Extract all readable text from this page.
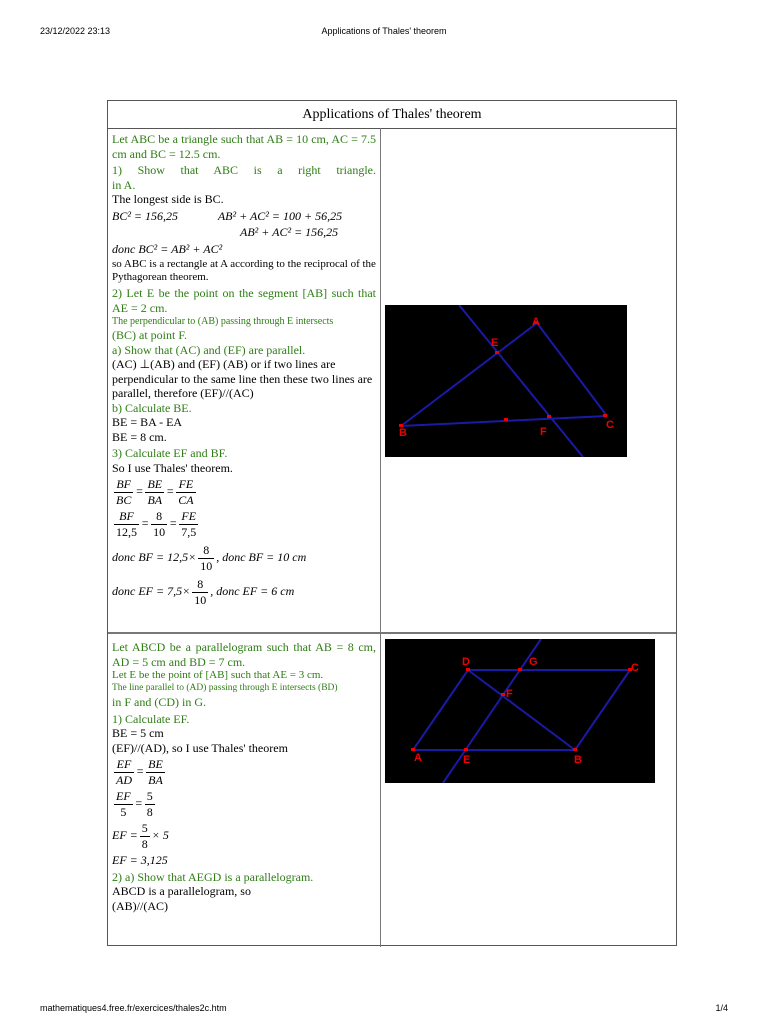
23/12/2022 23:13	Applications of Thales' theorem
Applications of Thales' theorem

Let ABC be a triangle such that AB = 10 cm, AC = 7.5 cm and BC = 12.5 cm.

1) Show that ABC is a right triangle.

in A.

The longest side is BC.

BC² = 156,25	AB² + AC² = 100 + 56,25
AB² + AC² = 156,25
donc BC² = AB² + AC²

so ABC is a rectangle at A according to the reciprocal of the Pythagorean theorem.

2) Let E be the point on the segment [AB] such that AE = 2 cm.

The perpendicular to (AB) passing through E intersects

(BC) at point F.

a) Show that (AC) and (EF) are parallel.

(AC) ⊥(AB) and (EF) (AB) or if two lines are perpendicular to the same line then these two lines are parallel, therefore (EF)//(AC)

b) Calculate BE.

BE = BA - EA

BE = 8 cm.

3) Calculate EF and BF.

So I use Thales' theorem.

$\frac{BF}{BC} = \frac{BE}{BA} = \frac{FE}{CA}$
$\frac{BF}{12,5} = \frac{8}{10} = \frac{FE}{7,5}$
donc BF = $12,5\times \frac{8}{10}$ , donc BF = 10 cm
donc EF = $7,5\times \frac{8}{10}$ , donc EF = 6 cm

Let ABCD be a parallelogram such that AB = 8 cm, AD = 5 cm and BD = 7 cm.

Let E be the point of [AB] such that AE = 3 cm.

The line parallel to (AD) passing through E intersects (BD)

in F and (CD) in G.

1) Calculate EF.

BE = 5 cm

(EF)//(AD), so I use Thales' theorem

$\frac{EF}{AD} = \frac{BE}{BA}$
$\frac{EF}{5} = \frac{5}{8}$
EF = $\frac{5}{8} \times 5$
EF = 3,125

2) a) Show that AEGD is a parallelogram.

ABCD is a parallelogram, so

(AB)//(AC)

A
E
B	F
C
D	G	C
F
A	E	B
mathematiques4.free.fr/exercices/thales2c.htm	1/4
